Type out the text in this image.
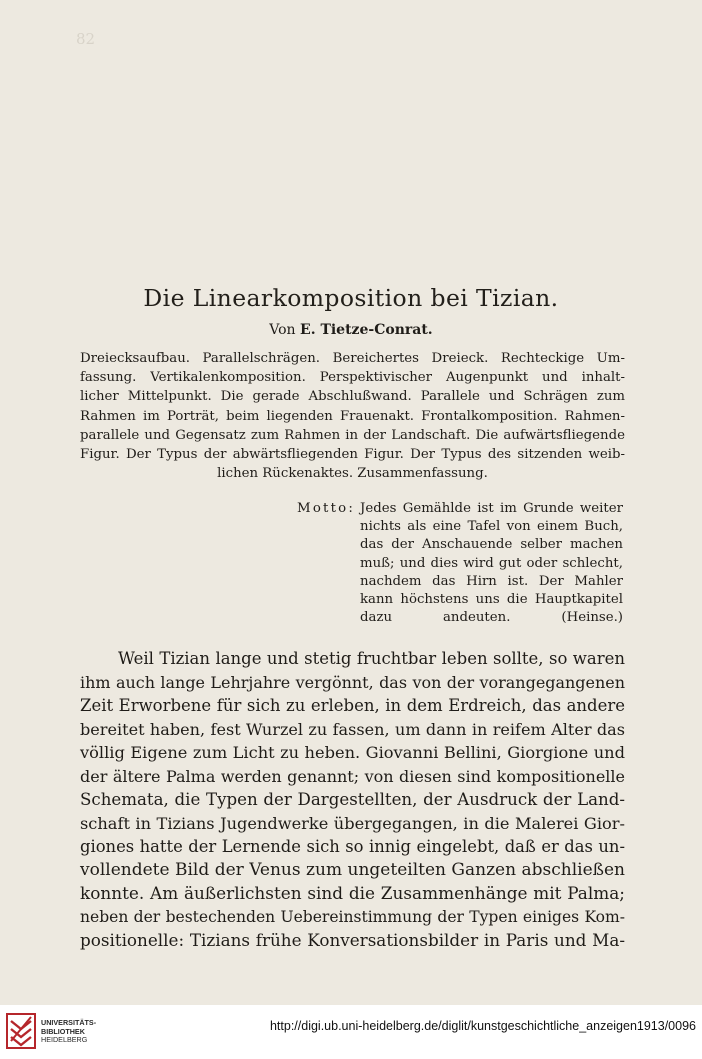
82
Die Linearkomposition bei Tizian.
Von E. Tietze-Conrat.
Dreiecksaufbau. Parallelschrägen. Bereichertes Dreieck. Rechteckige Um-
fassung. Vertikalenkomposition. Perspektivischer Augenpunkt und inhalt-
licher Mittelpunkt. Die gerade Abschlußwand. Parallele und Schrägen zum
Rahmen im Porträt, beim liegenden Frauenakt. Frontalkomposition. Rahmen-
parallele und Gegensatz zum Rahmen in der Landschaft. Die aufwärtsfliegende
Figur. Der Typus der abwärtsfliegenden Figur. Der Typus des sitzenden weib-
lichen Rückenaktes. Zusammenfassung.
Motto: Jedes Gemählde ist im Grunde weiter
nichts als eine Tafel von einem Buch,
das der Anschauende selber machen
muß; und dies wird gut oder schlecht,
nachdem das Hirn ist. Der Mahler
kann höchstens uns die Hauptkapitel
dazu andeuten. (Heinse.)
Weil Tizian lange und stetig fruchtbar leben sollte, so waren
ihm auch lange Lehrjahre vergönnt, das von der vorangegangenen
Zeit Erworbene für sich zu erleben, in dem Erdreich, das andere
bereitet haben, fest Wurzel zu fassen, um dann in reifem Alter das
völlig Eigene zum Licht zu heben. Giovanni Bellini, Giorgione und
der ältere Palma werden genannt; von diesen sind kompositionelle
Schemata, die Typen der Dargestellten, der Ausdruck der Land-
schaft in Tizians Jugendwerke übergegangen, in die Malerei Gior-
giones hatte der Lernende sich so innig eingelebt, daß er das un-
vollendete Bild der Venus zum ungeteilten Ganzen abschließen
konnte. Am äußerlichsten sind die Zusammenhänge mit Palma;
neben der bestechenden Uebereinstimmung der Typen einiges Kom-
positionelle: Tizians frühe Konversationsbilder in Paris und Ma-
UNIVERSITÄTS-
BIBLIOTHEK
HEIDELBERG
http://digi.ub.uni-heidelberg.de/diglit/kunstgeschichtliche_anzeigen1913/0096
